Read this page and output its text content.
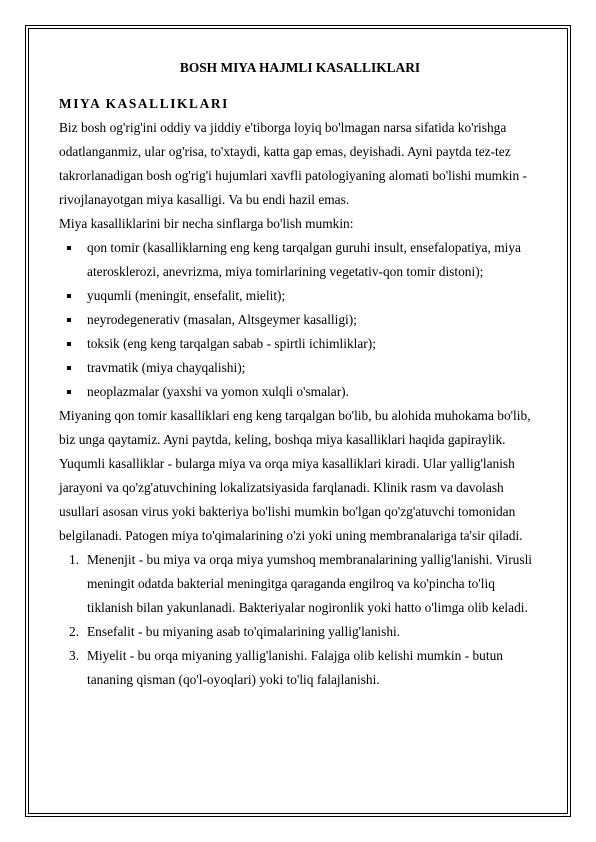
BOSH MIYA HAJMLI KASALLIKLARI
MIYA KASALLIKLARI

Biz bosh og'rig'ini oddiy va jiddiy e'tiborga loyiq bo'lmagan narsa sifatida ko'rishga odatlanganmiz, ular og'risa, to'xtaydi, katta gap emas, deyishadi. Ayni paytda tez-tez takrorlanadigan bosh og'rig'i hujumlari xavfli patologiyaning alomati bo'lishi mumkin - rivojlanayotgan miya kasalligi. Va bu endi hazil emas.

Miya kasalliklarini bir necha sinflarga bo'lish mumkin:

qon tomir (kasalliklarning eng keng tarqalgan guruhi insult, ensefalopatiya, miya aterosklerozi, anevrizma, miya tomirlarining vegetativ-qon tomir distoni);
yuqumli (meningit, ensefalit, mielit);
neyrodegenerativ (masalan, Altsgeymer kasalligi);
toksik (eng keng tarqalgan sabab - spirtli ichimliklar);
travmatik (miya chayqalishi);
neoplazmalar (yaxshi va yomon xulqli o'smalar).

Miyaning qon tomir kasalliklari eng keng tarqalgan bo'lib, bu alohida muhokama bo'lib, biz unga qaytamiz. Ayni paytda, keling, boshqa miya kasalliklari haqida gapiraylik.

Yuqumli kasalliklar - bularga miya va orqa miya kasalliklari kiradi. Ular yallig'lanish jarayoni va qo'zg'atuvchining lokalizatsiyasida farqlanadi. Klinik rasm va davolash usullari asosan virus yoki bakteriya bo'lishi mumkin bo'lgan qo'zg'atuvchi tomonidan belgilanadi. Patogen miya to'qimalarining o'zi yoki uning membranalariga ta'sir qiladi.

1. Menenjit - bu miya va orqa miya yumshoq membranalarining yallig'lanishi. Virusli meningit odatda bakterial meningitga qaraganda engilroq va ko'pincha to'liq tiklanish bilan yakunlanadi. Bakteriyalar nogironlik yoki hatto o'limga olib keladi.
2. Ensefalit - bu miyaning asab to'qimalarining yallig'lanishi.
3. Miyelit - bu orqa miyaning yallig'lanishi. Falajga olib kelishi mumkin - butun tananing qisman (qo'l-oyoqlari) yoki to'liq falajlanishi.
